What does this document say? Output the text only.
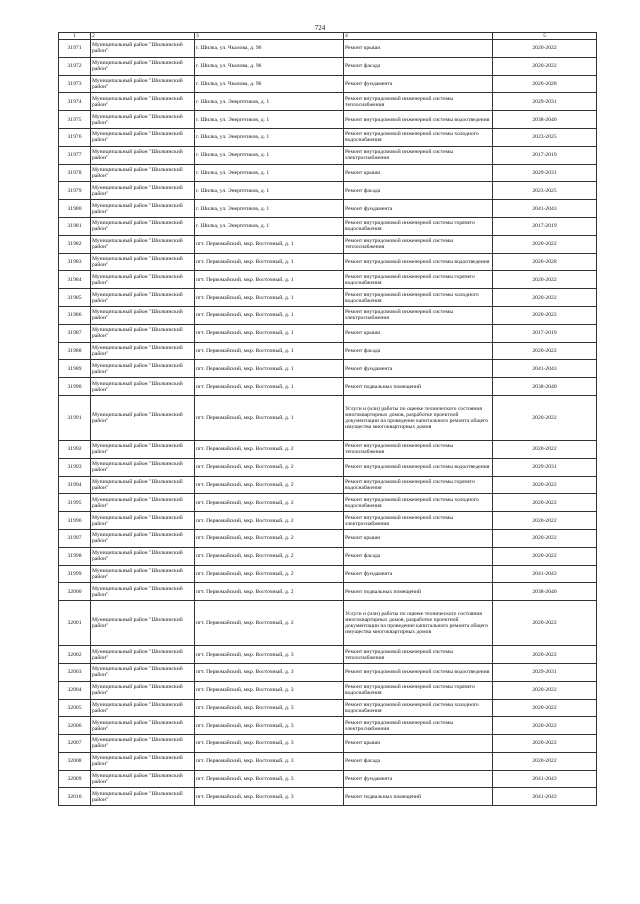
724
1	2	3	4	5
31971	Муниципальный район "Шилкинский район"	г. Шилка, ул. Чкалова, д. 96	Ремонт крыши	2020-2022
31972	Муниципальный район "Шилкинский район"	г. Шилка, ул. Чкалова, д. 96	Ремонт фасада	2020-2022
31973	Муниципальный район "Шилкинский район"	г. Шилка, ул. Чкалова, д. 96	Ремонт фундамента	2026-2028
31974	Муниципальный район "Шилкинский район"	г. Шилка, ул. Энергетиков, д. 1	Ремонт внутридомовой инженерной системы теплоснабжения	2029-2031
31975	Муниципальный район "Шилкинский район"	г. Шилка, ул. Энергетиков, д. 1	Ремонт внутридомовой инженерной системы водоотведения	2038-2040
31976	Муниципальный район "Шилкинский район"	г. Шилка, ул. Энергетиков, д. 1	Ремонт внутридомовой инженерной системы холодного водоснабжения	2023-2025
31977	Муниципальный район "Шилкинский район"	г. Шилка, ул. Энергетиков, д. 1	Ремонт внутридомовой инженерной системы электроснабжения	2017-2019
31978	Муниципальный район "Шилкинский район"	г. Шилка, ул. Энергетиков, д. 1	Ремонт крыши	2029-2031
31979	Муниципальный район "Шилкинский район"	г. Шилка, ул. Энергетиков, д. 1	Ремонт фасада	2023-2025
31980	Муниципальный район "Шилкинский район"	г. Шилка, ул. Энергетиков, д. 1	Ремонт фундамента	2041-2043
31981	Муниципальный район "Шилкинский район"	г. Шилка, ул. Энергетиков, д. 1	Ремонт внутридомовой инженерной системы горячего водоснабжения	2017-2019
31982	Муниципальный район "Шилкинский район"	пгт. Первомайский, мкр. Восточный, д. 1	Ремонт внутридомовой инженерной системы теплоснабжения	2020-2022
31983	Муниципальный район "Шилкинский район"	пгт. Первомайский, мкр. Восточный, д. 1	Ремонт внутридомовой инженерной системы водоотведения	2026-2028
31984	Муниципальный район "Шилкинский район"	пгт. Первомайский, мкр. Восточный, д. 1	Ремонт внутридомовой инженерной системы горячего водоснабжения	2020-2022
31985	Муниципальный район "Шилкинский район"	пгт. Первомайский, мкр. Восточный, д. 1	Ремонт внутридомовой инженерной системы холодного водоснабжения	2020-2022
31986	Муниципальный район "Шилкинский район"	пгт. Первомайский, мкр. Восточный, д. 1	Ремонт внутридомовой инженерной системы электроснабжения	2020-2022
31987	Муниципальный район "Шилкинский район"	пгт. Первомайский, мкр. Восточный, д. 1	Ремонт крыши	2017-2019
31988	Муниципальный район "Шилкинский район"	пгт. Первомайский, мкр. Восточный, д. 1	Ремонт фасада	2020-2022
31989	Муниципальный район "Шилкинский район"	пгт. Первомайский, мкр. Восточный, д. 1	Ремонт фундамента	2041-2043
31990	Муниципальный район "Шилкинский район"	пгт. Первомайский, мкр. Восточный, д. 1	Ремонт подвальных помещений	2038-2040
31991	Муниципальный район "Шилкинский район"	пгт. Первомайский, мкр. Восточный, д. 1	Услуги и (или) работы по оценке технического состояния многоквартирных домов, разработке проектной документации на проведение капитального ремонта общего имущества многоквартирных домов	2020-2022
31992	Муниципальный район "Шилкинский район"	пгт. Первомайский, мкр. Восточный, д. 2	Ремонт внутридомовой инженерной системы теплоснабжения	2020-2022
31993	Муниципальный район "Шилкинский район"	пгт. Первомайский, мкр. Восточный, д. 2	Ремонт внутридомовой инженерной системы водоотведения	2029-2031
31994	Муниципальный район "Шилкинский район"	пгт. Первомайский, мкр. Восточный, д. 2	Ремонт внутридомовой инженерной системы горячего водоснабжения	2020-2022
31995	Муниципальный район "Шилкинский район"	пгт. Первомайский, мкр. Восточный, д. 2	Ремонт внутридомовой инженерной системы холодного водоснабжения	2020-2022
31996	Муниципальный район "Шилкинский район"	пгт. Первомайский, мкр. Восточный, д. 2	Ремонт внутридомовой инженерной системы электроснабжения	2020-2022
31997	Муниципальный район "Шилкинский район"	пгт. Первомайский, мкр. Восточный, д. 2	Ремонт крыши	2020-2022
31998	Муниципальный район "Шилкинский район"	пгт. Первомайский, мкр. Восточный, д. 2	Ремонт фасада	2020-2022
31999	Муниципальный район "Шилкинский район"	пгт. Первомайский, мкр. Восточный, д. 2	Ремонт фундамента	2041-2043
32000	Муниципальный район "Шилкинский район"	пгт. Первомайский, мкр. Восточный, д. 2	Ремонт подвальных помещений	2038-2040
32001	Муниципальный район "Шилкинский район"	пгт. Первомайский, мкр. Восточный, д. 2	Услуги и (или) работы по оценке технического состояния многоквартирных домов, разработке проектной документации на проведение капитального ремонта общего имущества многоквартирных домов	2020-2022
32002	Муниципальный район "Шилкинский район"	пгт. Первомайский, мкр. Восточный, д. 3	Ремонт внутридомовой инженерной системы теплоснабжения	2020-2022
32003	Муниципальный район "Шилкинский район"	пгт. Первомайский, мкр. Восточный, д. 3	Ремонт внутридомовой инженерной системы водоотведения	2029-2031
32004	Муниципальный район "Шилкинский район"	пгт. Первомайский, мкр. Восточный, д. 3	Ремонт внутридомовой инженерной системы горячего водоснабжения	2020-2022
32005	Муниципальный район "Шилкинский район"	пгт. Первомайский, мкр. Восточный, д. 3	Ремонт внутридомовой инженерной системы холодного водоснабжения	2020-2022
32006	Муниципальный район "Шилкинский район"	пгт. Первомайский, мкр. Восточный, д. 3	Ремонт внутридомовой инженерной системы электроснабжения	2020-2022
32007	Муниципальный район "Шилкинский район"	пгт. Первомайский, мкр. Восточный, д. 3	Ремонт крыши	2020-2022
32008	Муниципальный район "Шилкинский район"	пгт. Первомайский, мкр. Восточный, д. 3	Ремонт фасада	2020-2022
32009	Муниципальный район "Шилкинский район"	пгт. Первомайский, мкр. Восточный, д. 3	Ремонт фундамента	2041-2043
32010	Муниципальный район "Шилкинский район"	пгт. Первомайский, мкр. Восточный, д. 3	Ремонт подвальных помещений	2041-2043
